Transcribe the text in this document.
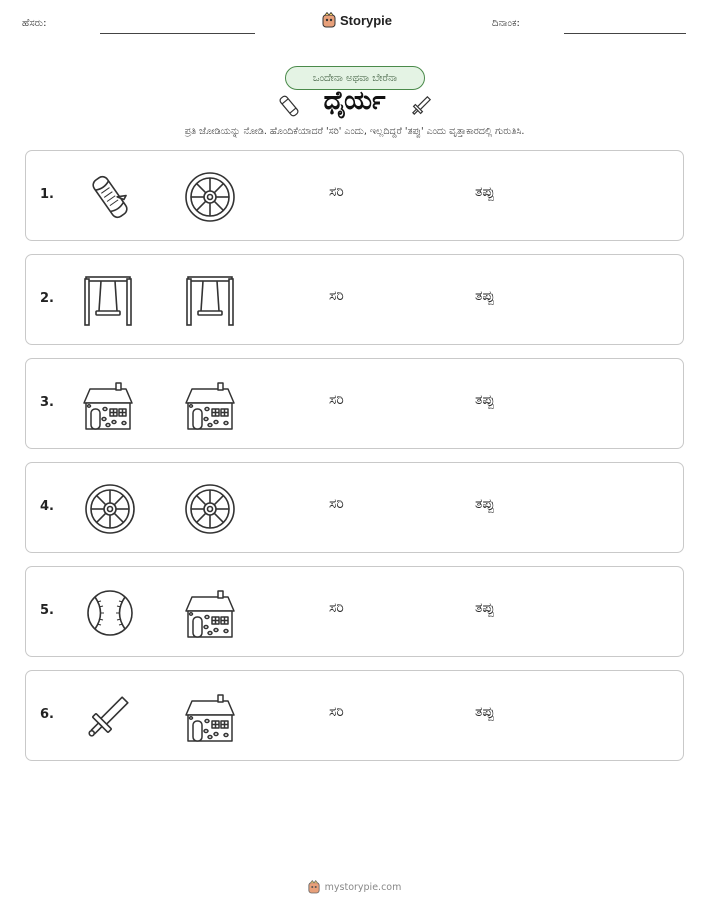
ಹೆಸರು:	Storypie	ದಿನಾಂಕ:
ಒಂದೇನಾ ಅಥವಾ ಬೇರೆನಾ
ಧೈರ್ಯ
ಪ್ರತಿ ಜೋಡಿಯನ್ನು ನೋಡಿ. ಹೊಂದಿಕೆಯಾದರೆ 'ಸರಿ' ಎಂದು, ಇಲ್ಲದಿದ್ದರೆ 'ತಪ್ಪು' ಎಂದು ವೃತ್ತಾಕಾರದಲ್ಲಿ ಗುರುತಿಸಿ.
1.	ಸರಿ	ತಪ್ಪು
2.	ಸರಿ	ತಪ್ಪು
3.	ಸರಿ	ತಪ್ಪು
4.	ಸರಿ	ತಪ್ಪು
5.	ಸರಿ	ತಪ್ಪು
6.	ಸರಿ	ತಪ್ಪು
mystorypie.com
